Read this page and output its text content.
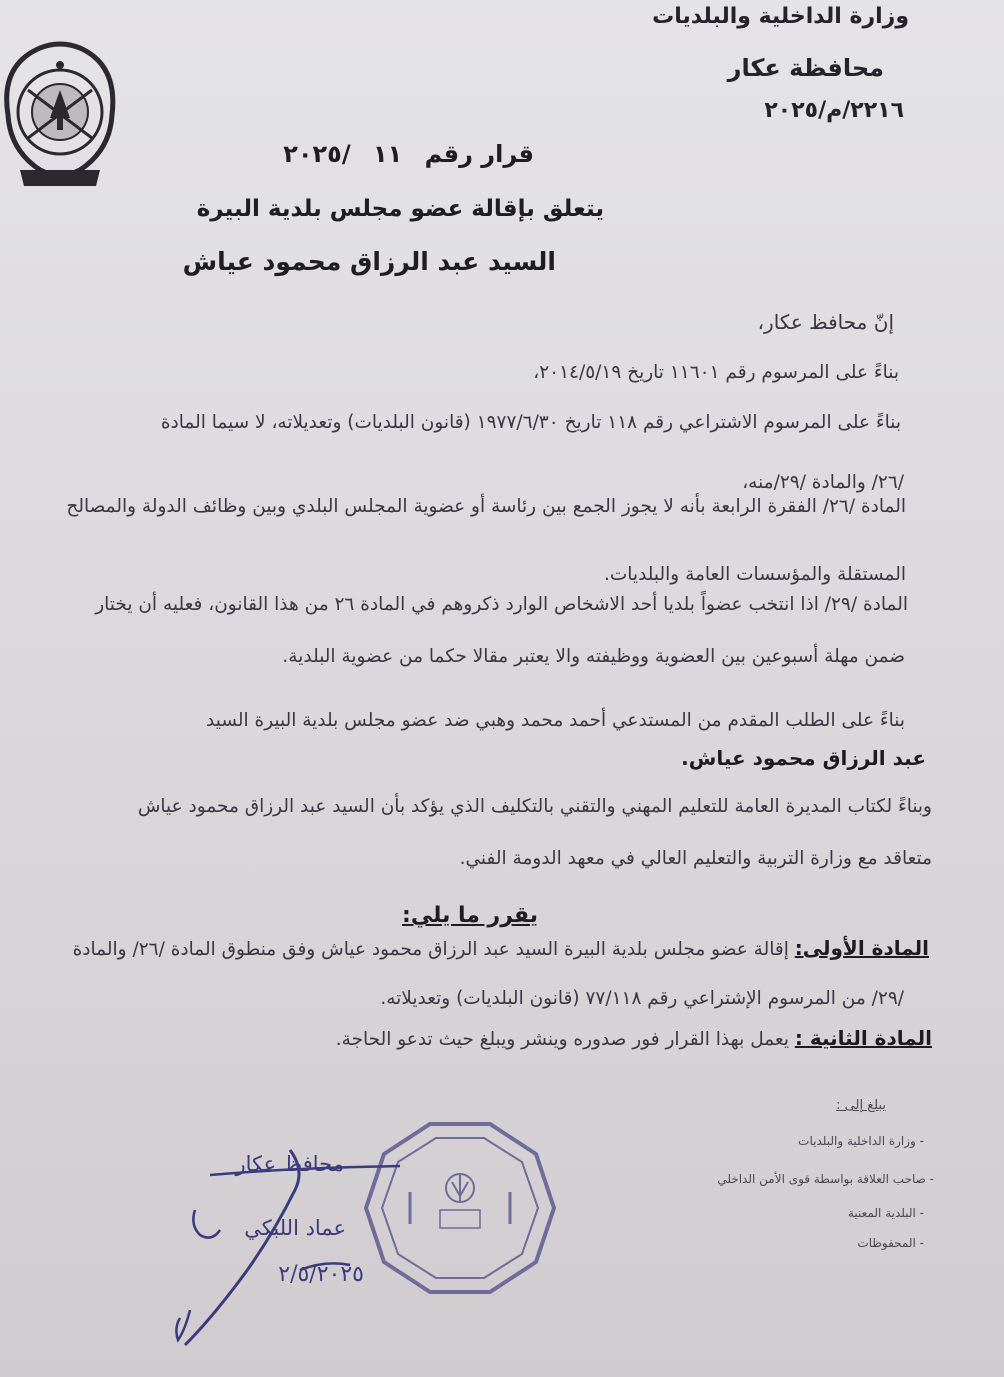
وزارة الداخلية والبلديات
محافظة عكار
٢٢١٦/م/٢٠٢٥
قرار رقم ١١ /٢٠٢٥
يتعلق بإقالة عضو مجلس بلدية البيرة
السيد عبد الرزاق محمود عياش
إنّ محافظ عكار،
بناءً على المرسوم رقم ١١٦٠١ تاريخ ٢٠١٤/٥/١٩،
بناءً على المرسوم الاشتراعي رقم ١١٨ تاريخ ١٩٧٧/٦/٣٠ (قانون البلديات) وتعديلاته، لا سيما المادة
/٢٦/ والمادة /٢٩/منه،
المادة /٢٦/ الفقرة الرابعة بأنه لا يجوز الجمع بين رئاسة أو عضوية المجلس البلدي وبين وظائف الدولة والمصالح
المستقلة والمؤسسات العامة والبلديات.
المادة /٢٩/ اذا انتخب عضواً بلديا أحد الاشخاص الوارد ذكروهم في المادة ٢٦ من هذا القانون، فعليه أن يختار
ضمن مهلة أسبوعين بين العضوية ووظيفته والا يعتبر مقالا حكما من عضوية البلدية.
بناءً على الطلب المقدم من المستدعي أحمد محمد وهبي ضد عضو مجلس بلدية البيرة السيد
عبد الرزاق محمود عياش.
وبناءً لكتاب المديرة العامة للتعليم المهني والتقني بالتكليف الذي يؤكد بأن السيد عبد الرزاق محمود عياش
متعاقد مع وزارة التربية والتعليم العالي في معهد الدومة الفني.
يقرر ما يلي:
المادة الأولى: إقالة عضو مجلس بلدية البيرة السيد عبد الرزاق محمود عياش وفق منطوق المادة /٢٦/ والمادة
/٢٩/ من المرسوم الإشتراعي رقم ٧٧/١١٨ (قانون البلديات) وتعديلاته.
المادة الثانية : يعمل بهذا القرار فور صدوره وينشر ويبلغ حيث تدعو الحاجة.
يبلغ إلى :
- وزارة الداخلية والبلديات
- صاحب العلاقة بواسطة قوى الأمن الداخلي
- البلدية المعنية
- المحفوظات
محافظ عكار
عماد اللبكي
٢/٥/٢٠٢٥
